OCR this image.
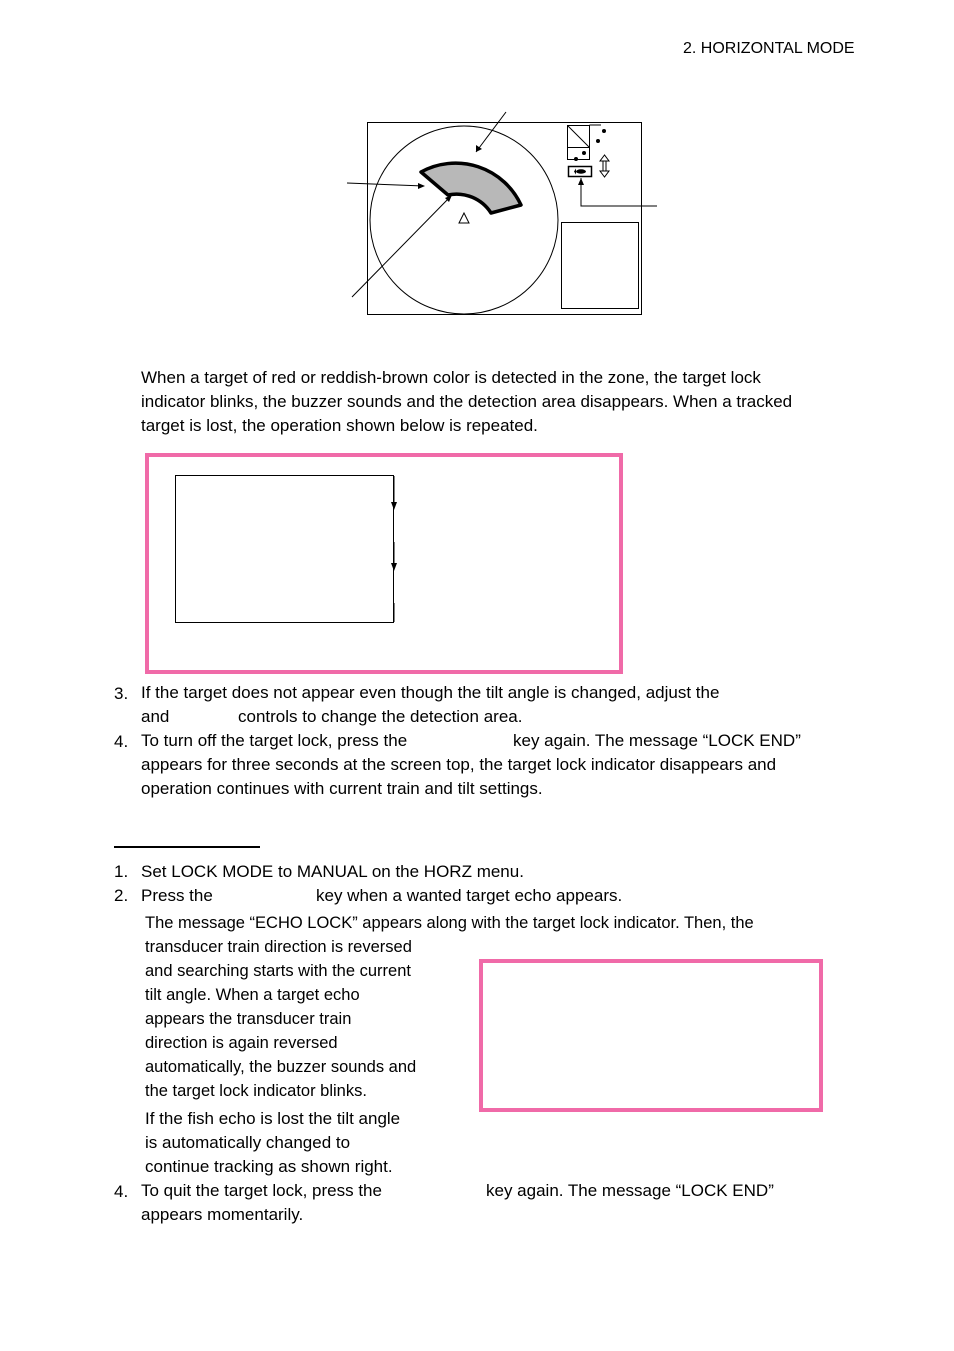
2. HORIZONTAL MODE
When a target of red or reddish-brown color is detected in the zone, the target lock
indicator blinks, the buzzer sounds and the detection area disappears. When a tracked
target is lost, the operation shown below is repeated.
3. If the target does not appear even though the tilt angle is changed, adjust the
and	controls to change the detection area.
4. To turn off the target lock, press the	key again. The message “LOCK END”
appears for three seconds at the screen top, the target lock indicator disappears and
operation continues with current train and tilt settings.
1. Set LOCK MODE to MANUAL on the HORZ menu.
2. Press the	key when a wanted target echo appears.
The message “ECHO LOCK” appears along with the target lock indicator. Then, the
transducer train direction is reversed
and searching starts with the current
tilt angle. When a target echo
appears the transducer train
direction is again reversed
automatically, the buzzer sounds and
the target lock indicator blinks.
If the fish echo is lost the tilt angle
is automatically changed to
continue tracking as shown right.
4. To quit the target lock, press the	key again. The message “LOCK END”
appears momentarily.
